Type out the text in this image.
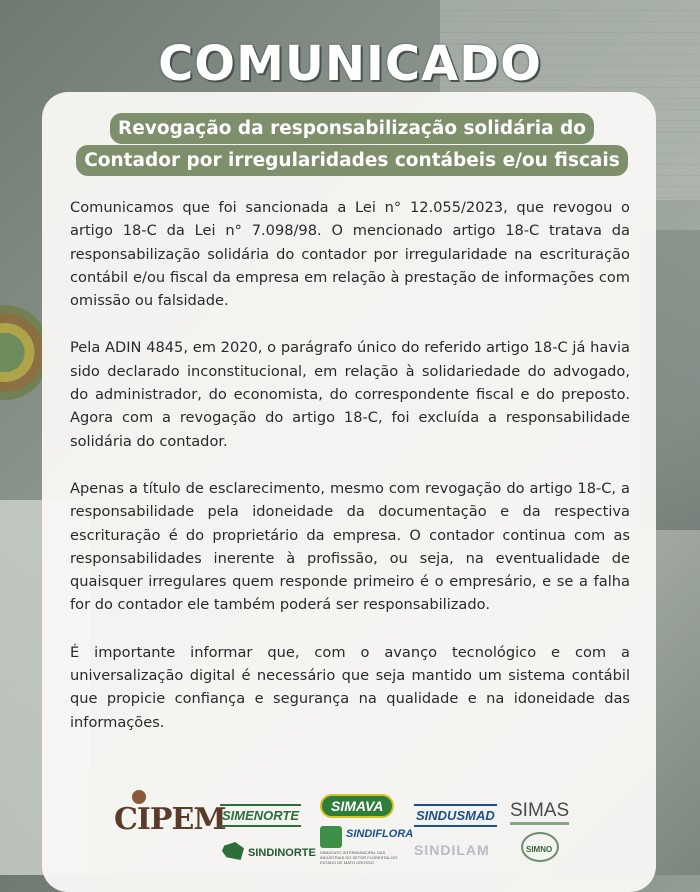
COMUNICADO
Revogação da responsabilização solidária do
Contador por irregularidades contábeis e/ou fiscais

Comunicamos que foi sancionada a Lei n° 12.055/2023, que revogou o artigo 18-C da Lei n° 7.098/98. O mencionado artigo 18-C tratava da responsabilização solidária do contador por irregularidade na escrituração contábil e/ou fiscal da empresa em relação à prestação de informações com omissão ou falsidade.

Pela ADIN 4845, em 2020, o parágrafo único do referido artigo 18-C já havia sido declarado inconstitucional, em relação à solidariedade do advogado, do administrador, do economista, do correspondente fiscal e do preposto. Agora com a revogação do artigo 18-C, foi excluída a responsabilidade solidária do contador.

Apenas a título de esclarecimento, mesmo com revogação do artigo 18-C, a responsabilidade pela idoneidade da documentação e da respectiva escrituração é do proprietário da empresa. O contador continua com as responsabilidades inerente à profissão, ou seja, na eventualidade de quaisquer irregulares quem responde primeiro é o empresário, e se a falha for do contador ele também poderá ser responsabilizado.

É importante informar que, com o avanço tecnológico e com a universalização digital é necessário que seja mantido um sistema contábil que propicie confiança e segurança na qualidade e na idoneidade das informações.

CIPEM
SIMENORTE
SINDINORTE
SIMAVA
SINDIFLORA
SINDICATO INTERMUNICIPAL DAS INDÚSTRIAS DO SETOR FLORESTAL DO ESTADO DE MATO GROSSO
SINDUSMAD
SINDILAM
SIMAS
SIMNO
